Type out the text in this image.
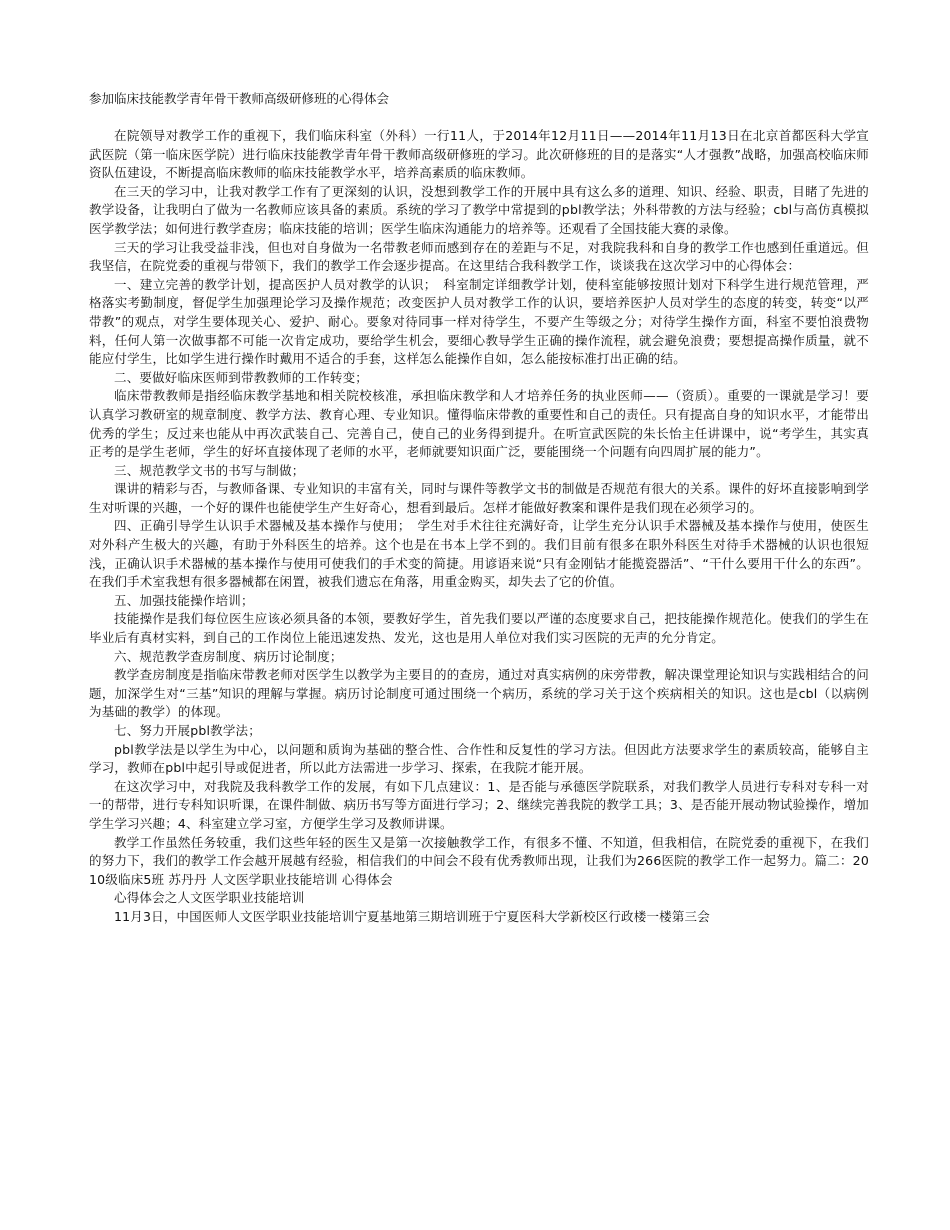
参加临床技能教学青年骨干教师高级研修班的心得体会

在院领导对教学工作的重视下，我们临床科室（外科）一行11人，于2014年12月11日——2014年11月13日在北京首都医科大学宣武医院（第一临床医学院）进行临床技能教学青年骨干教师高级研修班的学习。此次研修班的目的是落实“人才强教”战略，加强高校临床师资队伍建设，不断提高临床教师的临床技能教学水平，培养高素质的临床教师。

在三天的学习中，让我对教学工作有了更深刻的认识，没想到教学工作的开展中具有这么多的道理、知识、经验、职责，目睹了先进的教学设备，让我明白了做为一名教师应该具备的素质。系统的学习了教学中常提到的pbl教学法；外科带教的方法与经验；cbl与高仿真模拟医学教学法；如何进行教学查房；临床技能的培训；医学生临床沟通能力的培养等。还观看了全国技能大赛的录像。

三天的学习让我受益非浅，但也对自身做为一名带教老师而感到存在的差距与不足，对我院我科和自身的教学工作也感到任重道远。但我坚信，在院党委的重视与带领下，我们的教学工作会逐步提高。在这里结合我科教学工作，谈谈我在这次学习中的心得体会：

一、建立完善的教学计划，提高医护人员对教学的认识；　科室制定详细教学计划，使科室能够按照计划对下科学生进行规范管理，严格落实考勤制度，督促学生加强理论学习及操作规范；改变医护人员对教学工作的认识，要培养医护人员对学生的态度的转变，转变“以严带教”的观点，对学生要体现关心、爱护、耐心。要象对待同事一样对待学生，不要产生等级之分；对待学生操作方面，科室不要怕浪费物料，任何人第一次做事都不可能一次肯定成功，要给学生机会，要细心教导学生正确的操作流程，就会避免浪费；要想提高操作质量，就不能应付学生，比如学生进行操作时戴用不适合的手套，这样怎么能操作自如，怎么能按标准打出正确的结。

二、要做好临床医师到带教教师的工作转变；

临床带教教师是指经临床教学基地和相关院校核准，承担临床教学和人才培养任务的执业医师——（资质）。重要的一课就是学习！要认真学习教研室的规章制度、教学方法、教育心理、专业知识。懂得临床带教的重要性和自己的责任。只有提高自身的知识水平，才能带出优秀的学生；反过来也能从中再次武装自己、完善自己，使自己的业务得到提升。在听宣武医院的朱长怡主任讲课中，说“考学生，其实真正考的是学生老师，学生的好坏直接体现了老师的水平，老师就要知识面广泛，要能围绕一个问题有向四周扩展的能力”。

三、规范教学文书的书写与制做；

课讲的精彩与否，与教师备课、专业知识的丰富有关，同时与课件等教学文书的制做是否规范有很大的关系。课件的好坏直接影响到学生对听课的兴趣，一个好的课件也能使学生产生好奇心，想看到最后。怎样才能做好教案和课件是我们现在必须学习的。

四、正确引导学生认识手术器械及基本操作与使用；　学生对手术往往充满好奇，让学生充分认识手术器械及基本操作与使用，使医生对外科产生极大的兴趣，有助于外科医生的培养。这个也是在书本上学不到的。我们目前有很多在职外科医生对待手术器械的认识也很短浅，正确认识手术器械的基本操作与使用可使我们的手术变的简捷。用谚语来说“只有金刚钻才能揽瓷器活”、“干什么要用干什么的东西”。在我们手术室我想有很多器械都在闲置，被我们遗忘在角落，用重金购买，却失去了它的价值。

五、加强技能操作培训；

技能操作是我们每位医生应该必须具备的本领，要教好学生，首先我们要以严谨的态度要求自己，把技能操作规范化。使我们的学生在毕业后有真材实料，到自己的工作岗位上能迅速发热、发光，这也是用人单位对我们实习医院的无声的允分肯定。

六、规范教学查房制度、病历讨论制度；

教学查房制度是指临床带教老师对医学生以教学为主要目的的查房，通过对真实病例的床旁带教，解决课堂理论知识与实践相结合的问题，加深学生对“三基”知识的理解与掌握。病历讨论制度可通过围绕一个病历，系统的学习关于这个疾病相关的知识。这也是cbl（以病例为基础的教学）的体现。

七、努力开展pbl教学法；

pbl教学法是以学生为中心，以问题和质询为基础的整合性、合作性和反复性的学习方法。但因此方法要求学生的素质较高，能够自主学习，教师在pbl中起引导或促进者，所以此方法需进一步学习、探索，在我院才能开展。

在这次学习中，对我院及我科教学工作的发展，有如下几点建议：1、是否能与承德医学院联系，对我们教学人员进行专科对专科一对一的帮带，进行专科知识听课，在课件制做、病历书写等方面进行学习；2、继续完善我院的教学工具；3、是否能开展动物试验操作，增加学生学习兴趣；4、科室建立学习室，方便学生学习及教师讲课。

教学工作虽然任务较重，我们这些年轻的医生又是第一次接触教学工作，有很多不懂、不知道，但我相信，在院党委的重视下，在我们的努力下，我们的教学工作会越开展越有经验，相信我们的中间会不段有优秀教师出现，让我们为266医院的教学工作一起努力。篇二：2010级临床5班 苏丹丹 人文医学职业技能培训 心得体会

心得体会之人文医学职业技能培训

11月3日，中国医师人文医学职业技能培训宁夏基地第三期培训班于宁夏医科大学新校区行政楼一楼第三会
